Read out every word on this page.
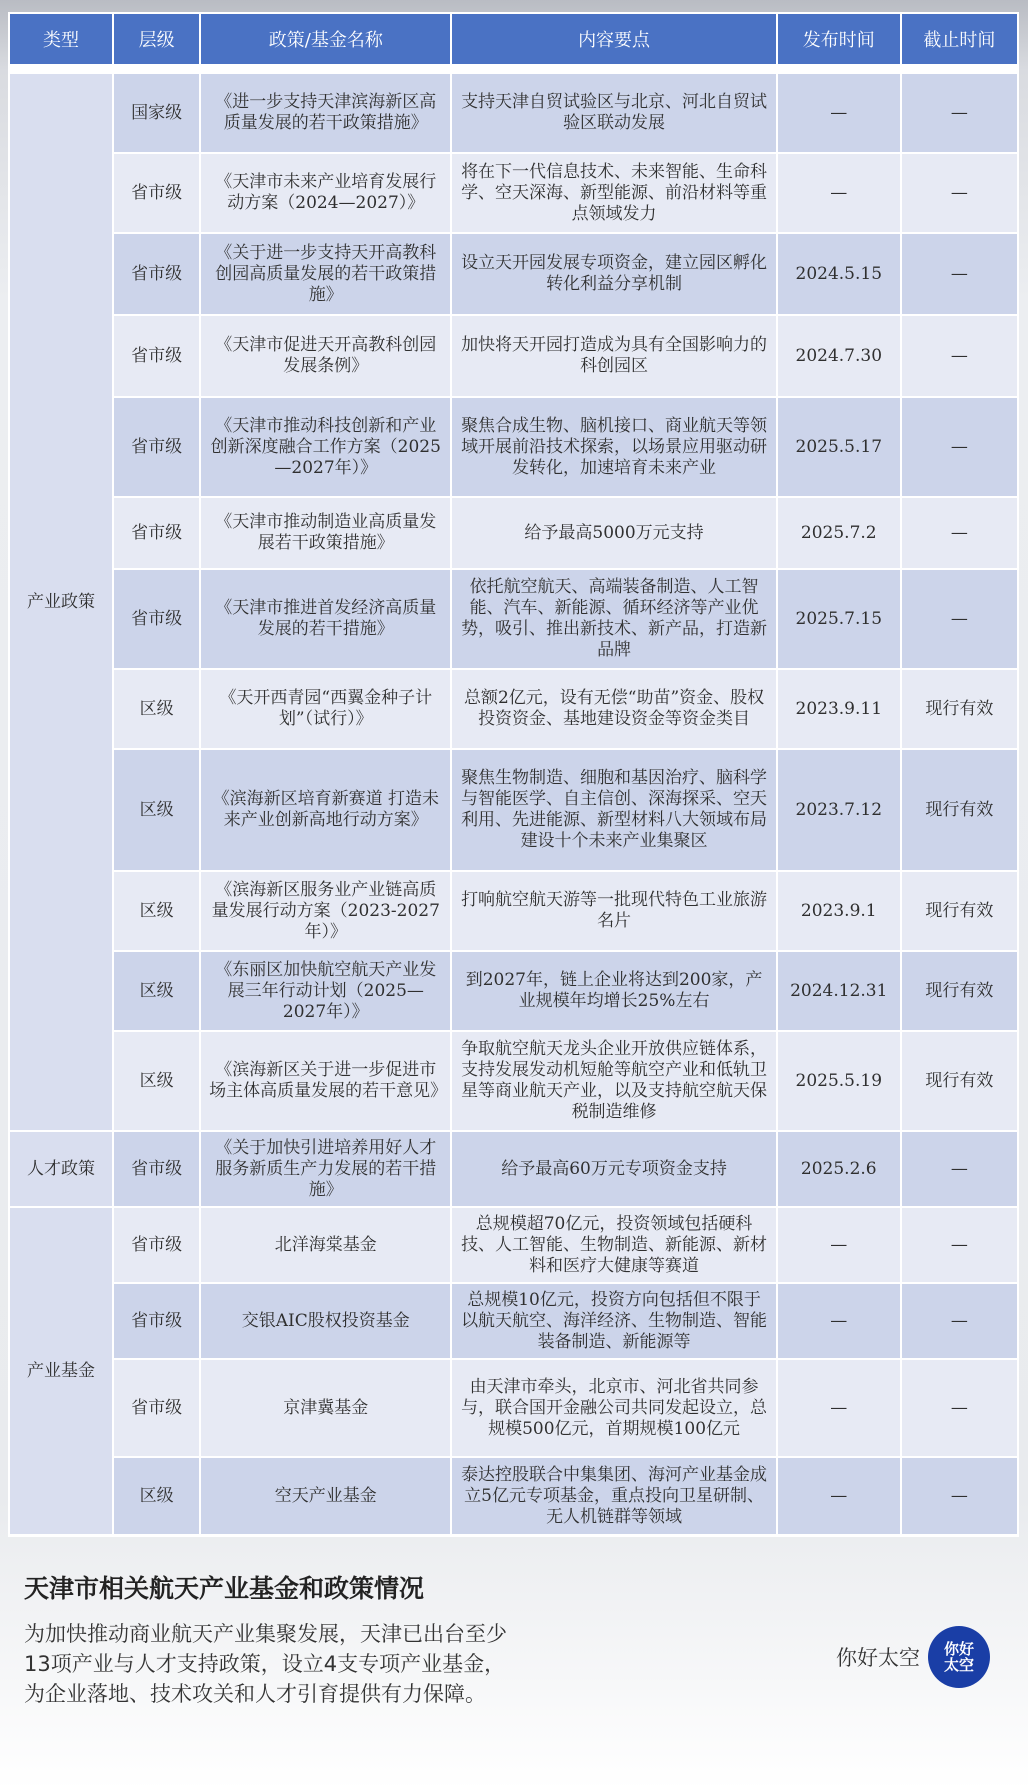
类型	层级	政策/基金名称	内容要点	发布时间	截止时间

产业政策	国家级	《进一步支持天津滨海新区高质量发展的若干政策措施》	支持天津自贸试验区与北京、河北自贸试验区联动发展	—	—
	省市级	《天津市未来产业培育发展行动方案（2024—2027）》	将在下一代信息技术、未来智能、生命科学、空天深海、新型能源、前沿材料等重点领域发力	—	—
	省市级	《关于进一步支持天开高教科创园高质量发展的若干政策措施》	设立天开园发展专项资金，建立园区孵化转化利益分享机制	2024.5.15	—
	省市级	《天津市促进天开高教科创园发展条例》	加快将天开园打造成为具有全国影响力的科创园区	2024.7.30	—
	省市级	《天津市推动科技创新和产业创新深度融合工作方案（2025—2027年）》	聚焦合成生物、脑机接口、商业航天等领域开展前沿技术探索，以场景应用驱动研发转化，加速培育未来产业	2025.5.17	—
	省市级	《天津市推动制造业高质量发展若干政策措施》	给予最高5000万元支持	2025.7.2	—
	省市级	《天津市推进首发经济高质量发展的若干措施》	依托航空航天、高端装备制造、人工智能、汽车、新能源、循环经济等产业优势，吸引、推出新技术、新产品，打造新品牌	2025.7.15	—
	区级	《天开西青园“西翼金种子计划”（试行）》	总额2亿元，设有无偿“助苗”资金、股权投资资金、基地建设资金等资金类目	2023.9.11	现行有效
	区级	《滨海新区培育新赛道 打造未来产业创新高地行动方案》	聚焦生物制造、细胞和基因治疗、脑科学与智能医学、自主信创、深海探采、空天利用、先进能源、新型材料八大领域布局建设十个未来产业集聚区	2023.7.12	现行有效
	区级	《滨海新区服务业产业链高质量发展行动方案（2023-2027年）》	打响航空航天游等一批现代特色工业旅游名片	2023.9.1	现行有效
	区级	《东丽区加快航空航天产业发展三年行动计划（2025—2027年）》	到2027年，链上企业将达到200家，产业规模年均增长25%左右	2024.12.31	现行有效
	区级	《滨海新区关于进一步促进市场主体高质量发展的若干意见》	争取航空航天龙头企业开放供应链体系，支持发展发动机短舱等航空产业和低轨卫星等商业航天产业，以及支持航空航天保税制造维修	2025.5.19	现行有效
人才政策	省市级	《关于加快引进培养用好人才服务新质生产力发展的若干措施》	给予最高60万元专项资金支持	2025.2.6	—
产业基金	省市级	北洋海棠基金	总规模超70亿元，投资领域包括硬科技、人工智能、生物制造、新能源、新材料和医疗大健康等赛道	—	—
	省市级	交银AIC股权投资基金	总规模10亿元，投资方向包括但不限于以航天航空、海洋经济、生物制造、智能装备制造、新能源等	—	—
	省市级	京津冀基金	由天津市牵头，北京市、河北省共同参与，联合国开金融公司共同发起设立，总规模500亿元，首期规模100亿元	—	—
	区级	空天产业基金	泰达控股联合中集集团、海河产业基金成立5亿元专项基金，重点投向卫星研制、无人机链群等领域	—	—
天津市相关航天产业基金和政策情况
为加快推动商业航天产业集聚发展，天津已出台至少13项产业与人才支持政策，设立4支专项产业基金，为企业落地、技术攻关和人才引育提供有力保障。
你好太空 你好
太空
